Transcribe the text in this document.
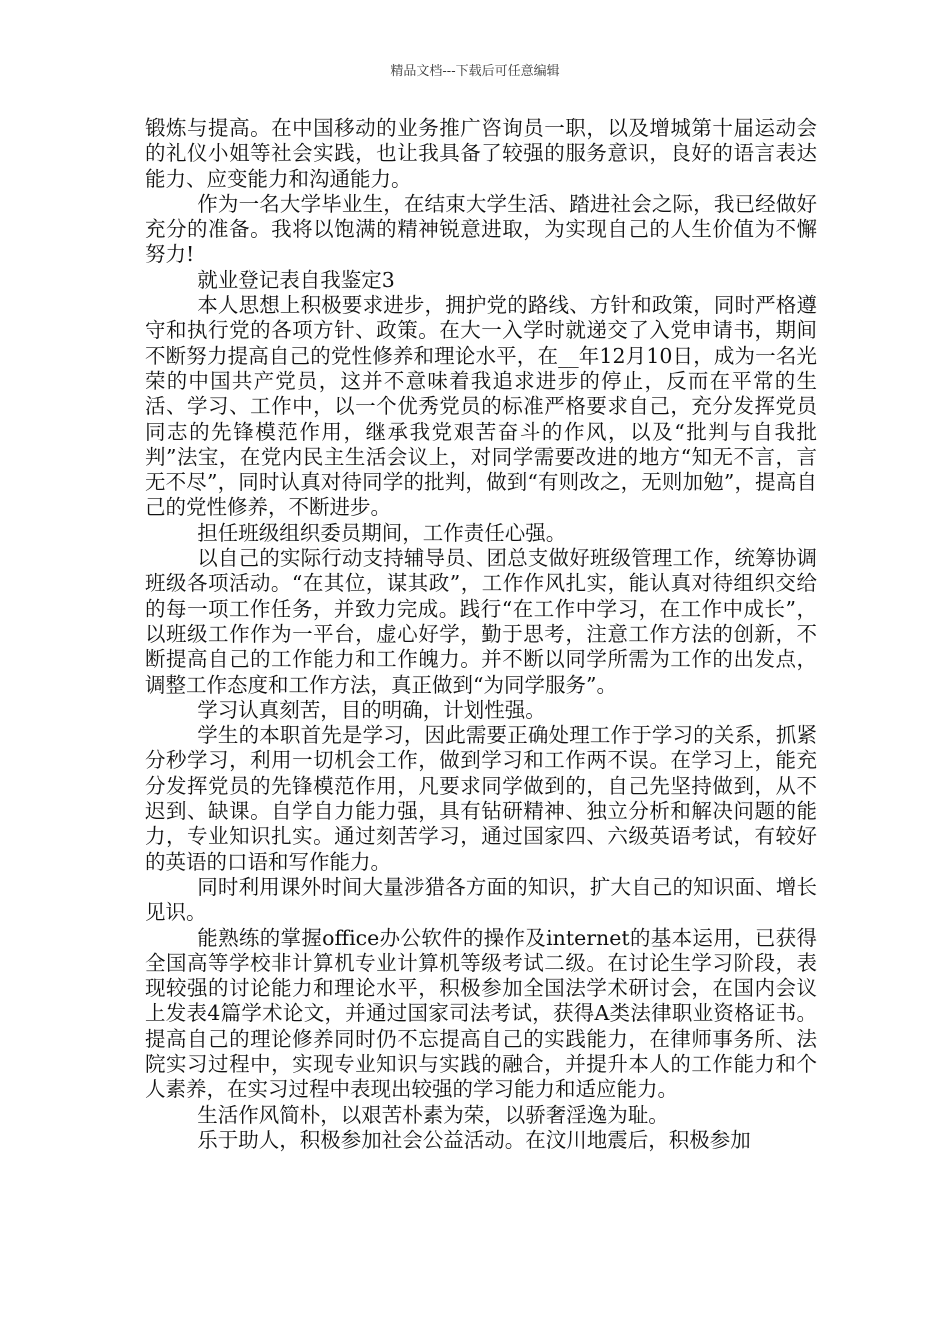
精品文档---下载后可任意编辑

锻炼与提高。在中国移动的业务推广咨询员一职，以及增城第十届运动会的礼仪小姐等社会实践，也让我具备了较强的服务意识，良好的语言表达能力、应变能力和沟通能力。

作为一名大学毕业生，在结束大学生活、踏进社会之际，我已经做好充分的准备。我将以饱满的精神锐意进取，为实现自己的人生价值为不懈努力!

就业登记表自我鉴定3

本人思想上积极要求进步，拥护党的路线、方针和政策，同时严格遵守和执行党的各项方针、政策。在大一入学时就递交了入党申请书，期间不断努力提高自己的党性修养和理论水平，在__年12月10日，成为一名光荣的中国共产党员，这并不意味着我追求进步的停止，反而在平常的生活、学习、工作中，以一个优秀党员的标准严格要求自己，充分发挥党员同志的先锋模范作用，继承我党艰苦奋斗的作风，以及“批判与自我批判”法宝，在党内民主生活会议上，对同学需要改进的地方“知无不言，言无不尽”，同时认真对待同学的批判，做到“有则改之，无则加勉”，提高自己的党性修养，不断进步。

担任班级组织委员期间，工作责任心强。

以自己的实际行动支持辅导员、团总支做好班级管理工作，统筹协调班级各项活动。“在其位，谋其政”，工作作风扎实，能认真对待组织交给的每一项工作任务，并致力完成。践行“在工作中学习，在工作中成长”，以班级工作作为一平台，虚心好学，勤于思考，注意工作方法的创新，不断提高自己的工作能力和工作魄力。并不断以同学所需为工作的出发点，调整工作态度和工作方法，真正做到“为同学服务”。

学习认真刻苦，目的明确，计划性强。

学生的本职首先是学习，因此需要正确处理工作于学习的关系，抓紧分秒学习，利用一切机会工作，做到学习和工作两不误。在学习上，能充分发挥党员的先锋模范作用，凡要求同学做到的，自己先坚持做到，从不迟到、缺课。自学自力能力强，具有钻研精神、独立分析和解决问题的能力，专业知识扎实。通过刻苦学习，通过国家四、六级英语考试，有较好的英语的口语和写作能力。

同时利用课外时间大量涉猎各方面的知识，扩大自己的知识面、增长见识。

能熟练的掌握office办公软件的操作及internet的基本运用，已获得全国高等学校非计算机专业计算机等级考试二级。在讨论生学习阶段，表现较强的讨论能力和理论水平，积极参加全国法学术研讨会，在国内会议上发表4篇学术论文，并通过国家司法考试，获得A类法律职业资格证书。提高自己的理论修养同时仍不忘提高自己的实践能力，在律师事务所、法院实习过程中，实现专业知识与实践的融合，并提升本人的工作能力和个人素养，在实习过程中表现出较强的学习能力和适应能力。

生活作风简朴，以艰苦朴素为荣，以骄奢淫逸为耻。

乐于助人，积极参加社会公益活动。在汶川地震后，积极参加
